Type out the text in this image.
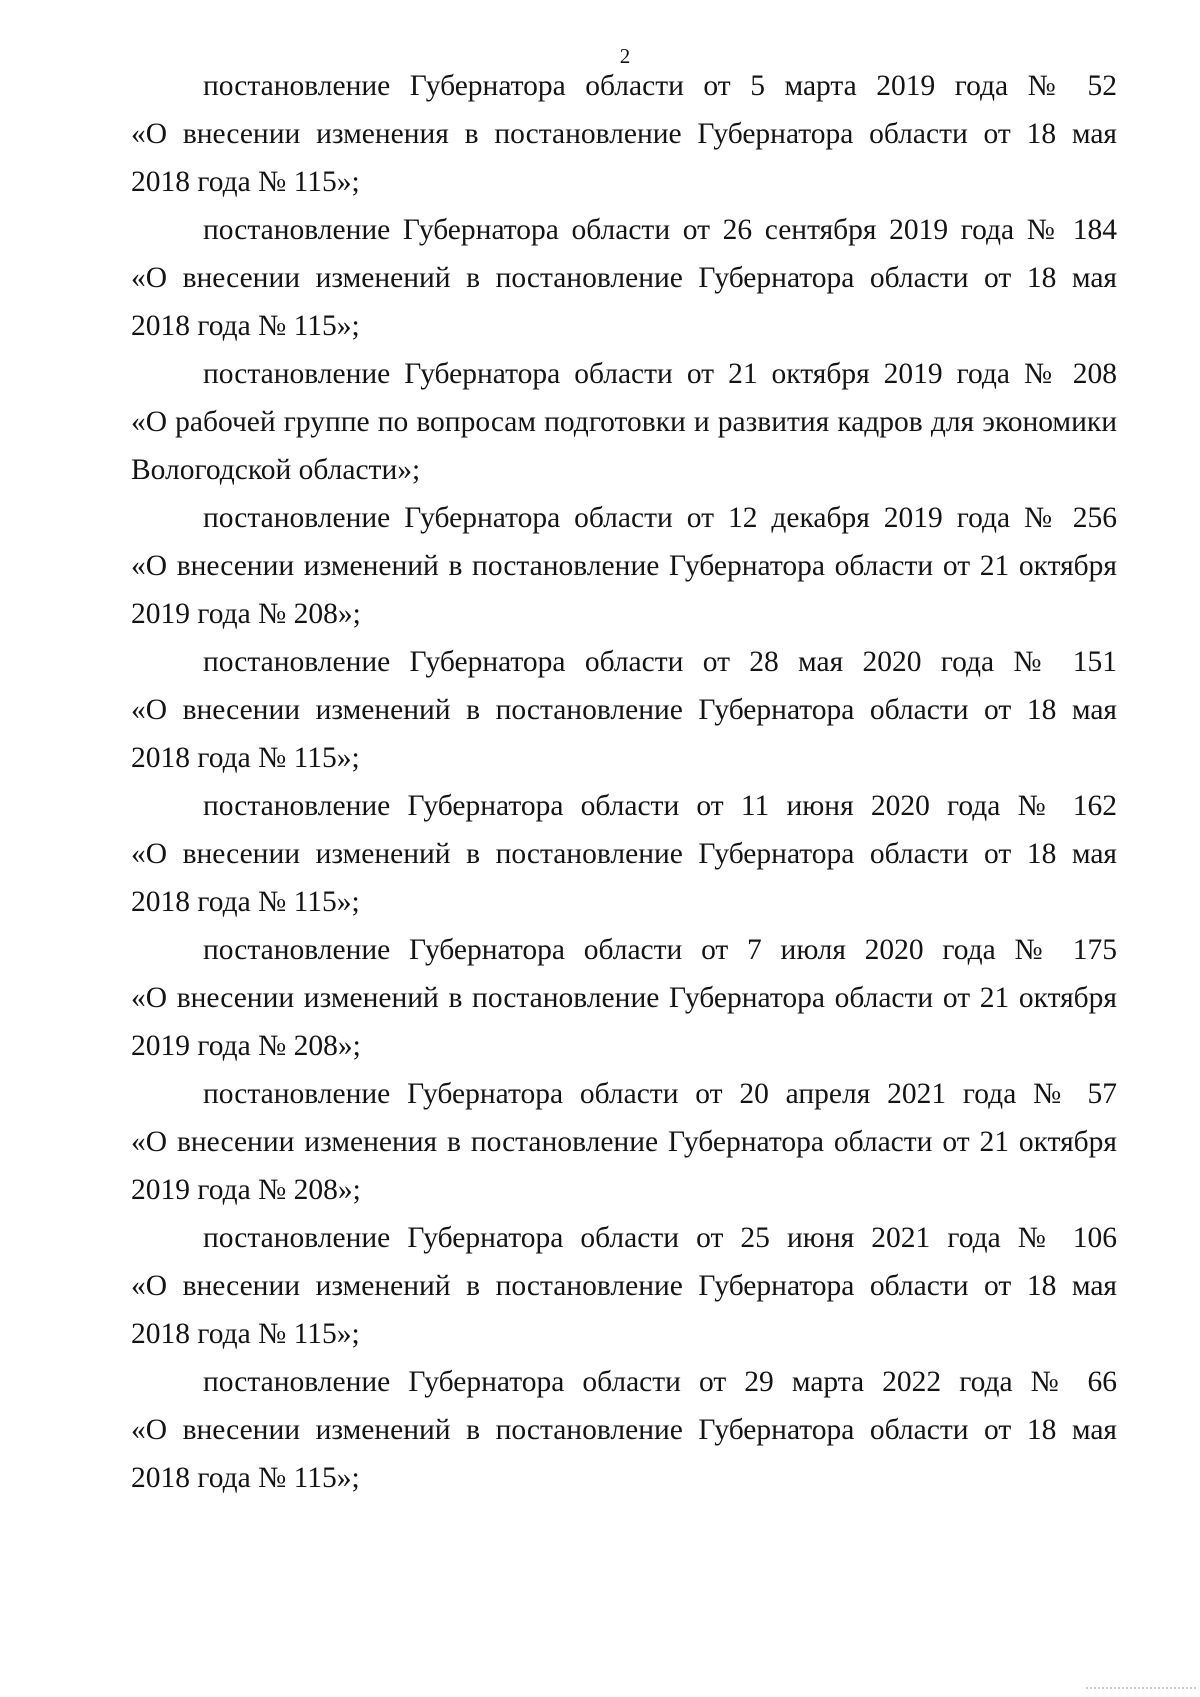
2
постановление Губернатора области от 5 марта 2019 года № 52
«О внесении изменения в постановление Губернатора области от 18 мая
2018 года № 115»;
постановление Губернатора области от 26 сентября 2019 года № 184
«О внесении изменений в постановление Губернатора области от 18 мая
2018 года № 115»;
постановление Губернатора области от 21 октября 2019 года № 208
«О рабочей группе по вопросам подготовки и развития кадров для экономики
Вологодской области»;
постановление Губернатора области от 12 декабря 2019 года № 256
«О внесении изменений в постановление Губернатора области от 21 октября
2019 года № 208»;
постановление Губернатора области от 28 мая 2020 года № 151
«О внесении изменений в постановление Губернатора области от 18 мая
2018 года № 115»;
постановление Губернатора области от 11 июня 2020 года № 162
«О внесении изменений в постановление Губернатора области от 18 мая
2018 года № 115»;
постановление Губернатора области от 7 июля 2020 года № 175
«О внесении изменений в постановление Губернатора области от 21 октября
2019 года № 208»;
постановление Губернатора области от 20 апреля 2021 года № 57
«О внесении изменения в постановление Губернатора области от 21 октября
2019 года № 208»;
постановление Губернатора области от 25 июня 2021 года № 106
«О внесении изменений в постановление Губернатора области от 18 мая
2018 года № 115»;
постановление Губернатора области от 29 марта 2022 года № 66
«О внесении изменений в постановление Губернатора области от 18 мая
2018 года № 115»;
